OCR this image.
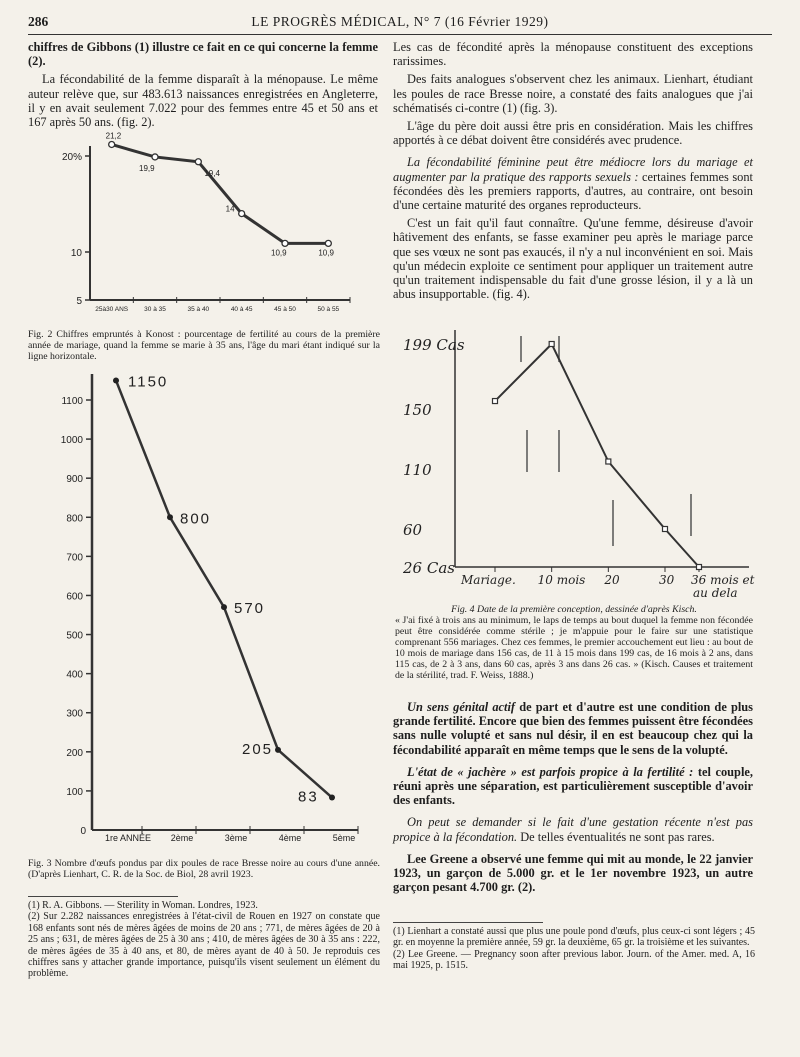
286	LE PROGRÈS MÉDICAL, N° 7 (16 Février 1929)

chiffres de Gibbons (1) illustre ce fait en ce qui concerne la femme (2).

La fécondabilité de la femme disparaît à la ménopause. Le même auteur relève que, sur 483.613 naissances enregistrées en Angleterre, il y en avait seulement 7.022 pour des femmes entre 45 et 50 ans et 167 après 50 ans. (fig. 2).

5
10
20%
25à30 ANS 30 à 35	35 à 40	40 à 45	45 à 50	50 à 55
21,2
19,9
19,4
14
10,9	10,9
Fig. 2 Chiffres empruntés à Konost : pourcentage de fertilité au cours de la première année de mariage, quand la femme se marie à 35 ans, l'âge du mari étant indiqué sur la ligne horizontale.
100
200
300
400
500
600
700
800
900
1000
1100
0
1re ANNÉE 2ème	3ème	4ème	5ème
1150
800
570
205
83
Fig. 3 Nombre d'œufs pondus par dix poules de race Bresse noire au cours d'une année. (D'après Lienhart, C. R. de la Soc. de Biol, 28 avril 1923.

(1) R. A. Gibbons. — Sterility in Woman. Londres, 1923.

(2) Sur 2.282 naissances enregistrées à l'état-civil de Rouen en 1927 on constate que 168 enfants sont nés de mères âgées de moins de 20 ans ; 771, de mères âgées de 20 à 25 ans ; 631, de mères âgées de 25 à 30 ans ; 410, de mères âgées de 30 à 35 ans : 222, de mères âgées de 35 à 40 ans, et 80, de mères ayant de 40 à 50. Je reproduis ces chiffres sans y attacher grande importance, puisqu'ils visent seulement un élément du problème.

Les cas de fécondité après la ménopause constituent des exceptions rarissimes.

Des faits analogues s'observent chez les animaux. Lienhart, étudiant les poules de race Bresse noire, a constaté des faits analogues que j'ai schématisés ci-contre (1) (fig. 3).

L'âge du père doit aussi être pris en considération. Mais les chiffres apportés à ce débat doivent être considérés avec prudence.

La fécondabilité féminine peut être médiocre lors du mariage et augmenter par la pratique des rapports sexuels : certaines femmes sont fécondées dès les premiers rapports, d'autres, au contraire, ont besoin d'une certaine maturité des organes reproducteurs.

C'est un fait qu'il faut connaître. Qu'une femme, désireuse d'avoir hâtivement des enfants, se fasse examiner peu après le mariage parce que ses vœux ne sont pas exaucés, il n'y a nul inconvénient en soi. Mais qu'un médecin exploite ce sentiment pour appliquer un traitement autre qu'un traitement indispensable du fait d'une grosse lésion, il y a là un abus insupportable. (fig. 4).

199 Cas
150
110
60
26 Cas
Mariage. 10 mois 20	30 36 mois et
au dela
Fig. 4 Date de la première conception, dessinée d'après Kisch.
« J'ai fixé à trois ans au minimum, le laps de temps au bout duquel la femme non fécondée peut être considérée comme stérile ; je m'appuie pour le faire sur une statistique comprenant 556 mariages. Chez ces femmes, le premier accouchement eut lieu : au bout de 10 mois de mariage dans 156 cas, de 11 à 15 mois dans 199 cas, de 16 mois à 2 ans, dans 115 cas, de 2 à 3 ans, dans 60 cas, après 3 ans dans 26 cas. » (Kisch. Causes et traitement de la stérilité, trad. F. Weiss, 1888.)

Un sens génital actif de part et d'autre est une condition de plus grande fertilité. Encore que bien des femmes puissent être fécondées sans nulle volupté et sans nul désir, il en est beaucoup chez qui la fécondabilité apparaît en même temps que le sens de la volupté.

L'état de « jachère » est parfois propice à la fertilité : tel couple, réuni après une séparation, est particulièrement susceptible d'avoir des enfants.

On peut se demander si le fait d'une gestation récente n'est pas propice à la fécondation. De telles éventualités ne sont pas rares.

Lee Greene a observé une femme qui mit au monde, le 22 janvier 1923, un garçon de 5.000 gr. et le 1er novembre 1923, un autre garçon pesant 4.700 gr. (2).

(1) Lienhart a constaté aussi que plus une poule pond d'œufs, plus ceux-ci sont légers ; 45 gr. en moyenne la première année, 59 gr. la deuxième, 65 gr. la troisième et les suivantes.

(2) Lee Greene. — Pregnancy soon after previous labor. Journ. of the Amer. med. A, 16 mai 1925, p. 1515.
